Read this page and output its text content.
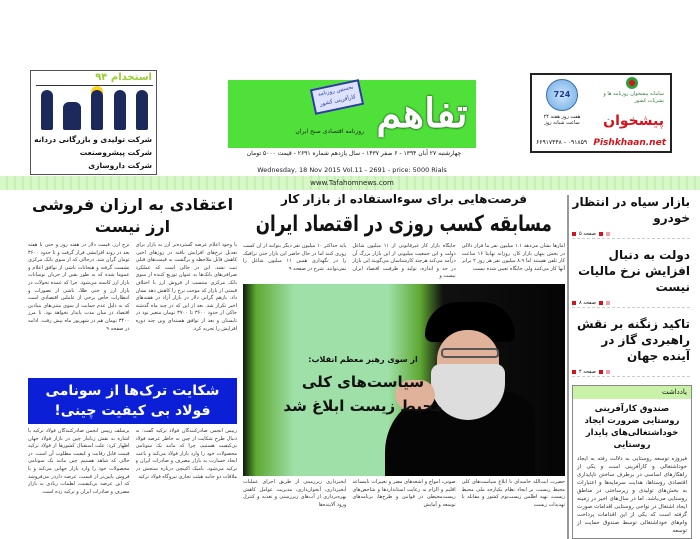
استخدام ۹۴
شرکت تولیدی و بازرگانی دردانه
شرکت پیشروصنعت
شرکت داروسازی
تفاهم
نخستین روزنامه کارآفرینی کشور
روزنامه اقتصادی صبح ایران
چهارشنبه ۲۷ آبان ۱۳۹۴ - ۶ صفر ۱۴۳۷ - سال یازدهم شماره ۲۶۹۱ - قیمت ۵۰۰۰ تومان
Wednesday, 18 Nov 2015 Vol.11 - 2691 - price: 5000 Rials
www.Tafahomnews.com
724
هفت روز هفته ۲۴ ساعت شبانه روز
سامانه پیشخوان روزنامه ها و نشریات کشور
پیشخوان
۶۶۹۱۷۴۴۸ - ۰۹۱۸۵۹ Pishkhaan.net
بازار سیاه در انتظار خودرو
صفحه ۵
دولت به دنبال افزایش نرخ مالیات نیست
صفحه ۸
تاکید زنگنه بر نقش راهبردی گاز در آینده جهان
صفحه ۴
یادداشت
صندوق کارآفرینی روستایی ضرورت ایجاد خوداشتغالی‌های پایدار روستایی
فیروزه توسعه روستایی به دلالت رفته به ایجاد خوداشتغالی و کارآفرینی است و یکی از راهکارهای اساسی در برطرف ساختن ناپایداری اقتصادی روستاها، هدایت سرمایه‌ها و اعتبارات به بخش‌های تولیدی و زیرساختی در مناطق روستایی می‌باشد. اما در سال‌های اخیر در زمینه ایجاد اشتغال در نواحی روستایی اقدامات صورت گرفته است که یکی از این اقدامات پرداخت وام‌های خوداشتغالی توسط صندوق حمایت از توسعه
فرصت‌هایی برای سوءاستفاده از بازار کار
مسابقه کسب روزی در اقتصاد ایران
آمارها نشان می‌دهد ۱.۱ میلیون نفر ما فراز دلالی در بخش پنهان بازار کار، روزانه نهایتا ۱۶ ساعت کار تلفن هستند اما ۸.۹ میلیون نفر هر روز ۲ برابر آنها کار می‌کنند ولی جایگاه تعیین شده نیست
جایگاه بازار کار غیرقانونی از ۱۱ میلیون شاغل دولت و این جمعیت میلیونی از این بازار بزرگ آن درآمد می‌کند هرچند کارشناسان می‌گویند این بازار در حد و اندازه، تولید و ظرفیت اقتصاد ایران نیست و
باید حداکثر ۱۰ میلیون نفر دیگر بتوانند از آن کسب روزی کنند اما در حال حاضر این بازار حتی ترافیک را در نگهداری همین ۱۱ میلیون شاغل را نمی‌توانند. شرح در صفحه ۹
از سوی رهبر معظم انقلاب:
سیاست‌های کلی محیط زیست ابلاغ شد
حضرت آیت‌الله خامنه‌ای با ابلاغ سیاست‌های کلی محیط زیست، بر ایجاد نظام یکپارچه ملی محیط زیست، تهیه اطلس زیست‌بوم کشور و مقابله با تهدیدات زیست
صوتی، امواج و اشعه‌های مضر و تغییرات نامساعد اقلیم و الزام به رعایت استانداردها و شاخص‌های زیست‌محیطی در قوانین و طرح‌ها، برنامه‌های توسعه و آمایش
آبخیزداری زیرزمینی از طریق اجرای عملیات آبخیزداری، آبخوان‌داری، مدیریت عوامل کاهش بهره‌برداری از آب‌های زیرزمینی و تغذیه و کنترل ورود آلاینده‌ها
اعتقادی به ارزان فروشی ارز نیست
با وجود اعلام عرضه گسترده‌تر ارز به بازار برای تعدیل نرخ‌های افزایش یافته در روزهای اخیر، کاهش قابل ملاحظه و برگشت به قیمت‌های قبلی ثبت نشد. این در حالی است که عملکرد صرافی‌های بانک‌ها به عنوان توزیع کننده از سوی بانک مرکزی منتسب از فروش ارز با اختلاف قیمتی از بازار که موجب نرخ را کاهش دهد نشان داد. بازهم گرانی دلار در بازار آزاد در هفته‌های اخیر تکرار شد. بعد از این که در چند ماه گذشته حاکی از حدود ۳۶۰۰ تا ۳۷۰۰ تومان متغیر بود در تابستان و بعد از توافق هسته‌ای وین چند دوره افزایش را تجربه کرد.
نرخ ارز، قیمت دلار در هفته روز و حتی تا هفته بعد در روند افزایشی قرار گرفت و تا حدود ۳۶۰۰ تومان گران شد. درحالی که از سوی بانک مرکزی نشست گرفته و هیجانات ناشی از توافق اعلام و عموما شده که به طور یقین از جریان نوسانات بازار ارز کاسته می‌شود. چرا که عمده تحولات در بازار ارز و حتی طلا، ناشی از تصورات و انتظارات خاص برخی از عاملین اقتصادی است که به دلیل عدم حمایت از سوی متنی‌های بنیادین اقتصاد در میان مدت پایدار نخواهد بود. تا مرز ۳۴۰۰ تومان هم در شهریور ماه پیش رفت. ادامه در صفحه ۹
شکایت ترک‌ها از سونامی فولاد بی کیفیت چینی!
رییس انجمن صادرکنندگان فولاد ترکیه گفت: به دنبال طرح شکایت از چین به خاطر عرضه فولاد بی‌کیفیت هستیم، چرا که مانند یک سونامی محصولات خود را وارد بازار فولاد می‌کند و باعث ایجاد خسارت به بازار مصرف و صادرات ایران و ترکیه می‌شود. نامیک اکینچی درباره سنجش در ملاقات دو جانبه هیئت تجاری نیروگاه فولاد ترکیه
برسلف رییس انجمن صادرکنندگان فولاد ترکیه با اشاره به نقش زیانبار چین در بازار فولاد جهان اظهار کرد: علت استقبال کشورها از فولاد ترکیه قیمت قابل رقابت و کیفیت مطلوب آن است. در حالی که شاهد هستیم چین مانند یک سونامی محصولات خود را وارد بازار جهانی می‌کند و با فروش پایین‌تر از قیمت، عرضه‌ داردر می‌فروشد که این عرضه بی‌کیفیت، لطمات زیادی به بازار مصرف و صادرات ایران و ترکیه زده است.
